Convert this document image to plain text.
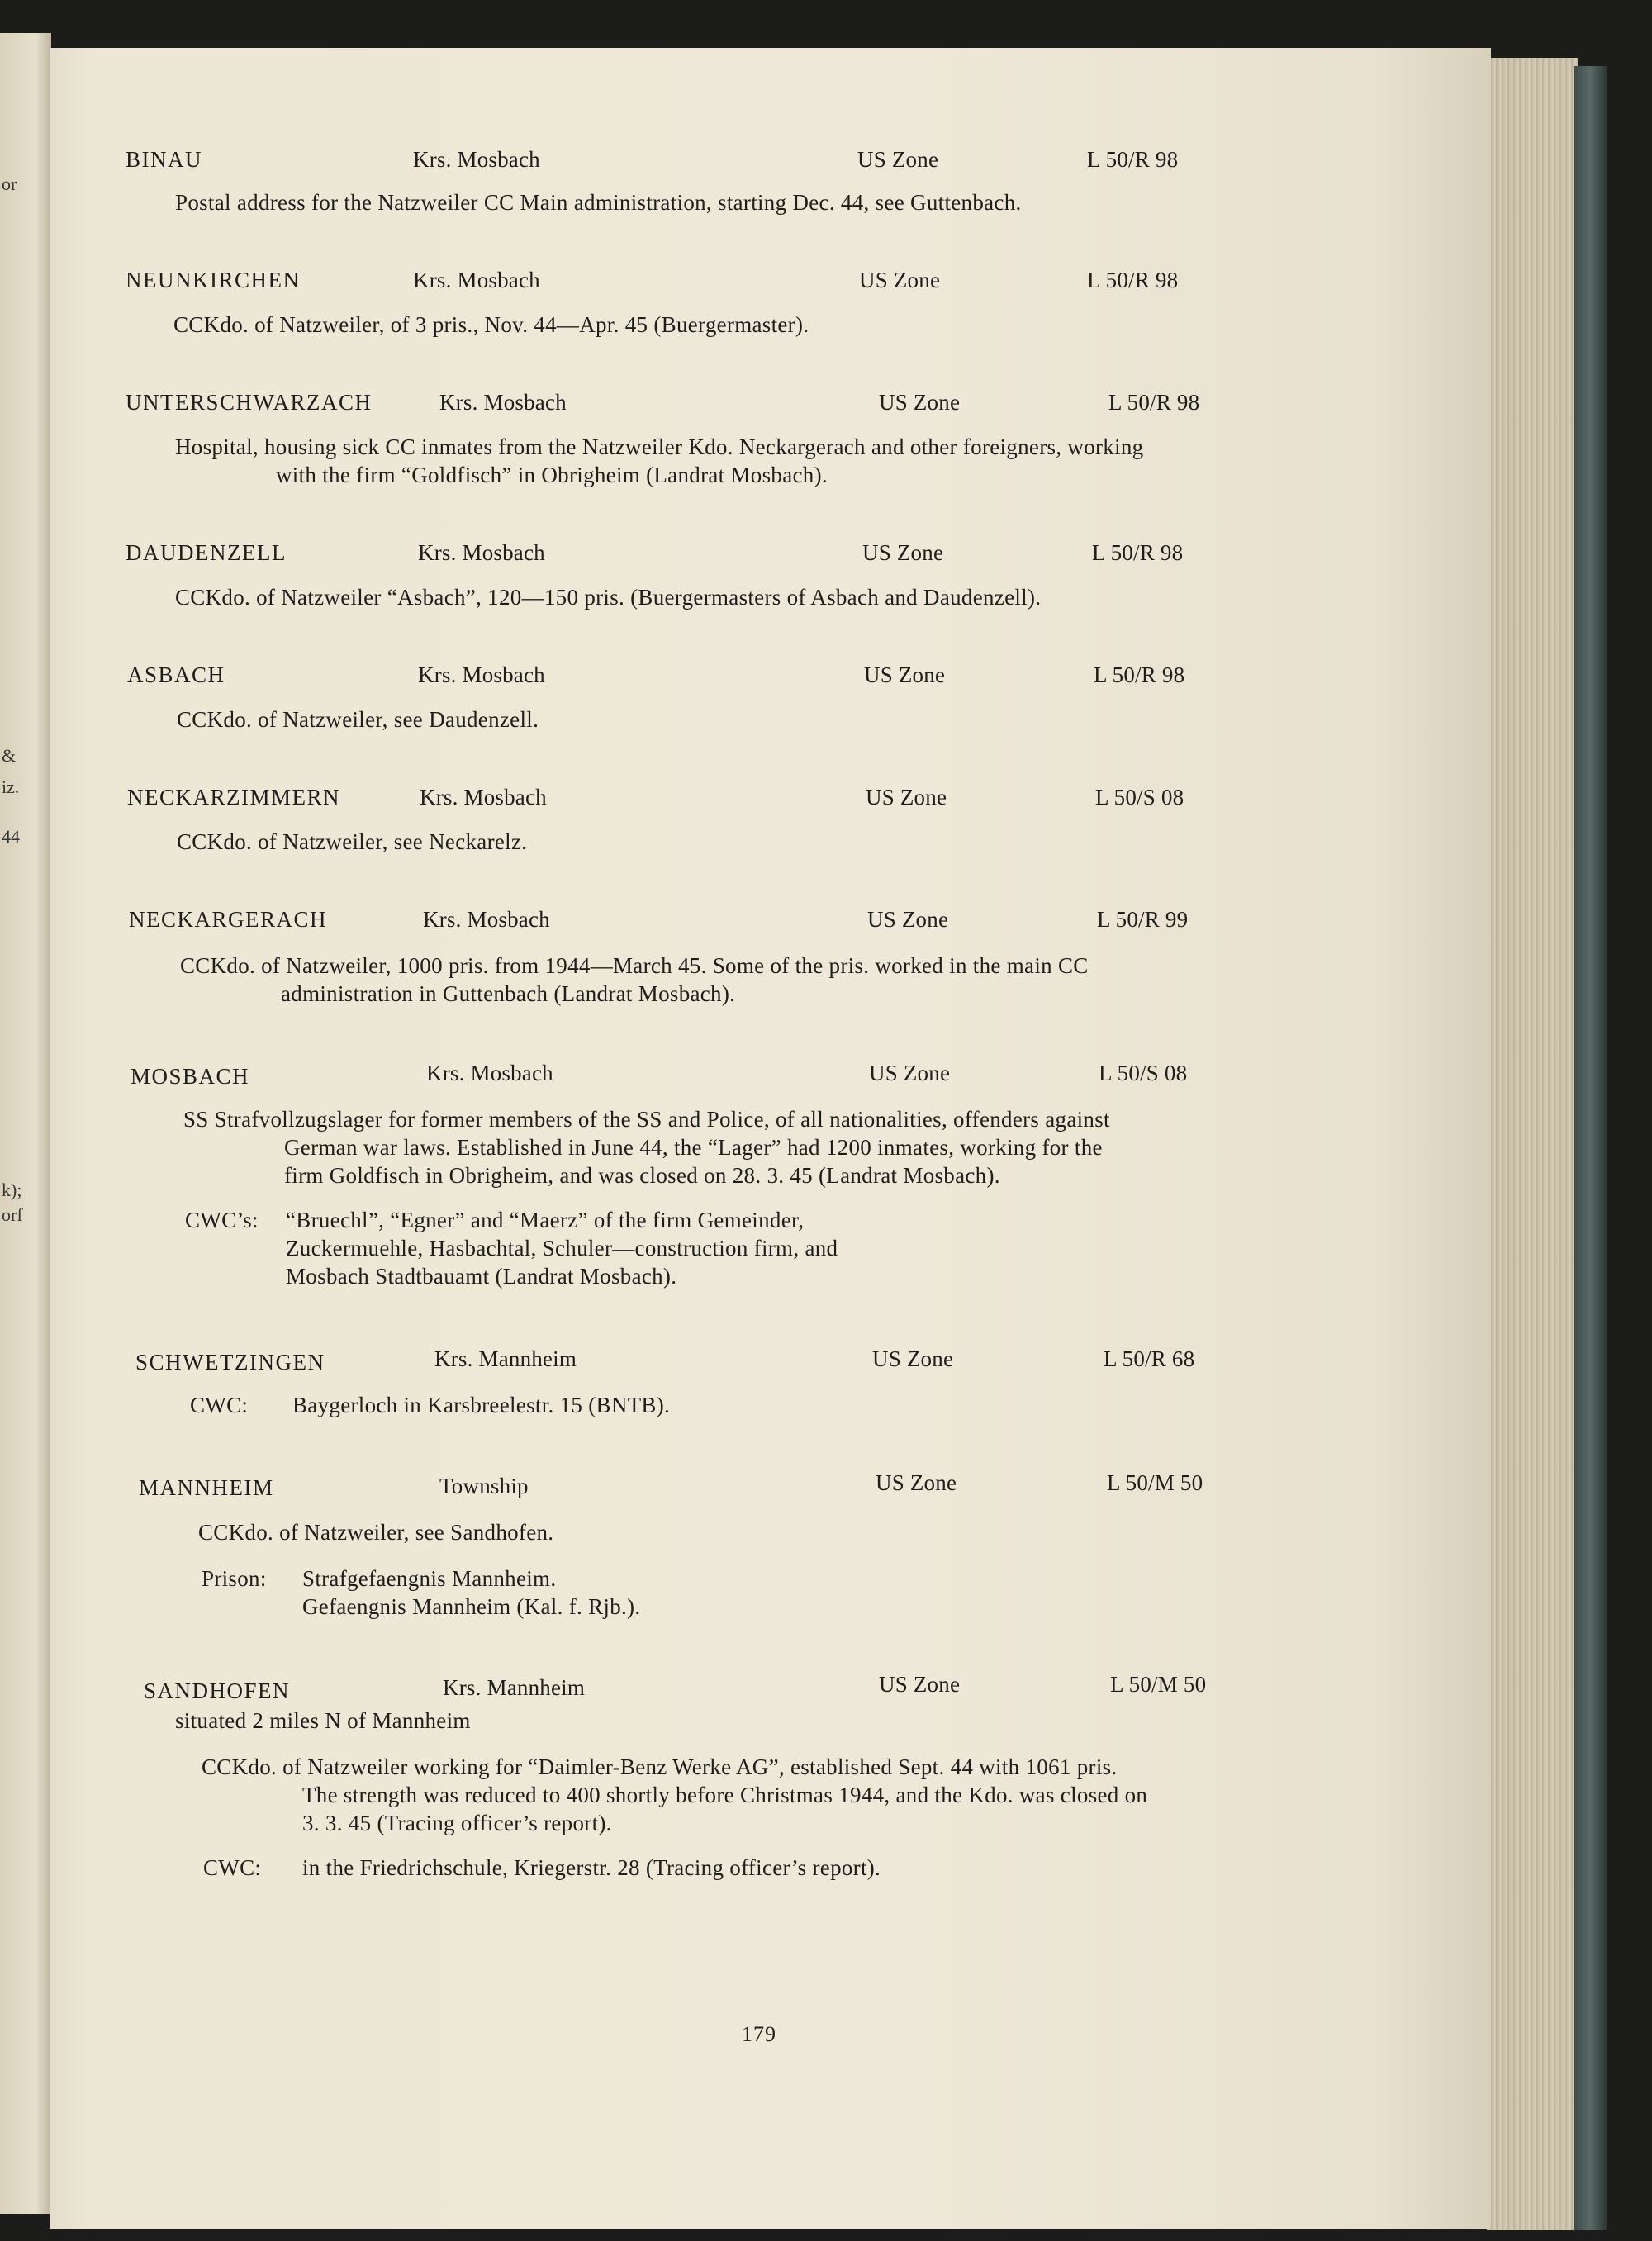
or
&
iz.
44
k);
orf
BINAU	Krs. Mosbach	US Zone	L 50/R 98
Postal address for the Natzweiler CC Main administration, starting Dec. 44, see Guttenbach.
NEUNKIRCHEN	Krs. Mosbach	US Zone	L 50/R 98
CCKdo. of Natzweiler, of 3 pris., Nov. 44—Apr. 45 (Buergermaster).
UNTERSCHWARZACH	Krs. Mosbach	US Zone	L 50/R 98
Hospital, housing sick CC inmates from the Natzweiler Kdo. Neckargerach and other foreigners, working
with the firm “Goldfisch” in Obrigheim (Landrat Mosbach).
DAUDENZELL	Krs. Mosbach	US Zone	L 50/R 98
CCKdo. of Natzweiler “Asbach”, 120—150 pris. (Buergermasters of Asbach and Daudenzell).
ASBACH	Krs. Mosbach	US Zone	L 50/R 98
CCKdo. of Natzweiler, see Daudenzell.
NECKARZIMMERN	Krs. Mosbach	US Zone	L 50/S 08
CCKdo. of Natzweiler, see Neckarelz.
NECKARGERACH	Krs. Mosbach	US Zone	L 50/R 99
CCKdo. of Natzweiler, 1000 pris. from 1944—March 45. Some of the pris. worked in the main CC
administration in Guttenbach (Landrat Mosbach).
MOSBACH	Krs. Mosbach	US Zone	L 50/S 08
SS Strafvollzugslager for former members of the SS and Police, of all nationalities, offenders against
German war laws. Established in June 44, the “Lager” had 1200 inmates, working for the
firm Goldfisch in Obrigheim, and was closed on 28. 3. 45 (Landrat Mosbach).
CWC’s: “Bruechl”, “Egner” and “Maerz” of the firm Gemeinder,
Zuckermuehle, Hasbachtal, Schuler—construction firm, and
Mosbach Stadtbauamt (Landrat Mosbach).
SCHWETZINGEN	Krs. Mannheim	US Zone	L 50/R 68
CWC: Baygerloch in Karsbreelestr. 15 (BNTB).
MANNHEIM	Township	US Zone	L 50/M 50
CCKdo. of Natzweiler, see Sandhofen.
Prison: Strafgefaengnis Mannheim.
Gefaengnis Mannheim (Kal. f. Rjb.).
SANDHOFEN	Krs. Mannheim	US Zone	L 50/M 50
situated 2 miles N of Mannheim
CCKdo. of Natzweiler working for “Daimler-Benz Werke AG”, established Sept. 44 with 1061 pris.
The strength was reduced to 400 shortly before Christmas 1944, and the Kdo. was closed on
3. 3. 45 (Tracing officer’s report).
CWC: in the Friedrichschule, Kriegerstr. 28 (Tracing officer’s report).
179
